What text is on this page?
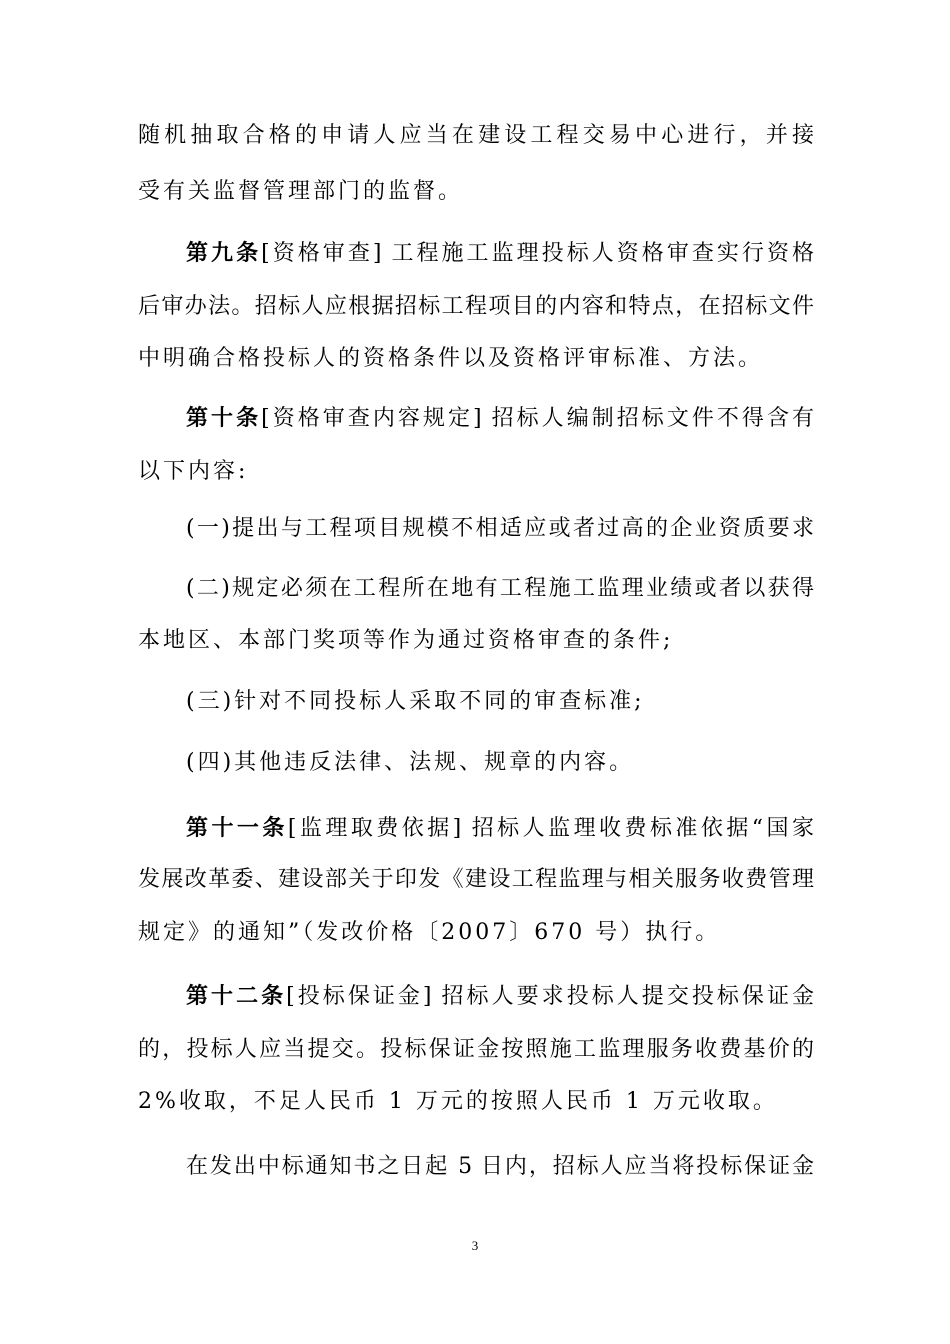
随机抽取合格的申请人应当在建设工程交易中心进行，并接
受有关监督管理部门的监督。
第九条[资格审查] 工程施工监理投标人资格审查实行资格
后审办法。招标人应根据招标工程项目的内容和特点，在招标文件
中明确合格投标人的资格条件以及资格评审标准、方法。
第十条[资格审查内容规定] 招标人编制招标文件不得含有
以下内容:
(一)提出与工程项目规模不相适应或者过高的企业资质要求
(二)规定必须在工程所在地有工程施工监理业绩或者以获得
本地区、本部门奖项等作为通过资格审查的条件;
(三)针对不同投标人采取不同的审查标准;
(四)其他违反法律、法规、规章的内容。
第十一条[监理取费依据] 招标人监理收费标准依据“国家
发展改革委、建设部关于印发《建设工程监理与相关服务收费管理
规定》的通知”（发改价格〔2007〕670 号）执行。
第十二条[投标保证金] 招标人要求投标人提交投标保证金
的，投标人应当提交。投标保证金按照施工监理服务收费基价的
2%收取，不足人民币 1 万元的按照人民币 1 万元收取。
在发出中标通知书之日起 5 日内，招标人应当将投标保证金
3
